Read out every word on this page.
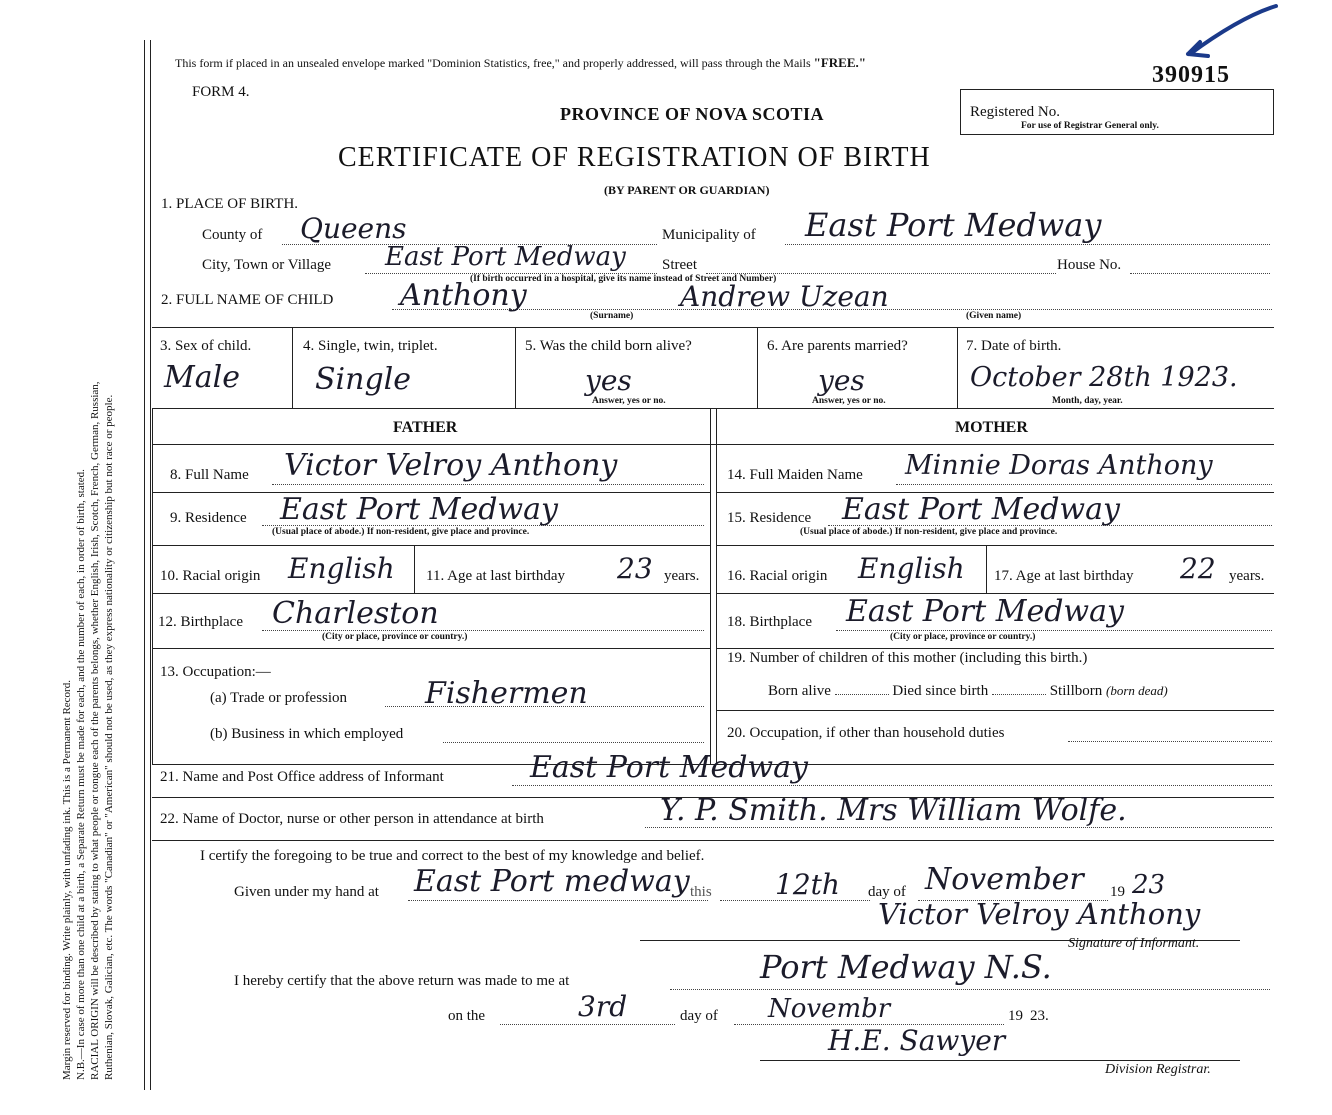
Margin reserved for binding. Write plainly, with unfading ink. This is a Permanent Record. N.B.—In case of more than one child at a birth, a Separate Return must be made for each, and the number of each, in order of birth, stated. RACIAL ORIGIN will be described by stating to what people or tongue each of the parents belongs, whether English, Irish, Scotch, French, German, Russian, Ruthenian, Slovak, Galician, etc. The words "Canadian" or "American" should not be used, as they express nationality or citizenship but not race or people.
This form if placed in an unsealed envelope marked "Dominion Statistics, free," and properly addressed, will pass through the Mails "FREE."
FORM 4.
PROVINCE OF NOVA SCOTIA
390915
Registered No.
For use of Registrar General only.
CERTIFICATE OF REGISTRATION OF BIRTH
(BY PARENT OR GUARDIAN)
1. PLACE OF BIRTH.
County of Queens	Municipality of East Port Medway
City, Town or Village East Port Medway Street	House No.
(If birth occurred in a hospital, give its name instead of Street and Number)
2. FULL NAME OF CHILD Anthony	Andrew Uzean
(Surname)	(Given name)
3. Sex of child.
Male
4. Single, twin, triplet.
Single
5. Was the child born alive?
yes
Answer, yes or no.
6. Are parents married?
yes
Answer, yes or no.
7. Date of birth.
October 28th 1923.
Month, day, year.
FATHER	MOTHER
8. Full Name Victor Velroy Anthony
9. Residence East Port Medway
(Usual place of abode.) If non-resident, give place and province.
10. Racial origin English 11. Age at last birthday 23 years.
12. Birthplace Charleston
(City or place, province or country.)
13. Occupation:—
(a) Trade or profession	Fishermen
(b) Business in which employed
14. Full Maiden Name Minnie Doras Anthony
15. Residence East Port Medway
(Usual place of abode.) If non-resident, give place and province.
16. Racial origin English 17. Age at last birthday 22 years.
18. Birthplace East Port Medway
(City or place, province or country.)
19. Number of children of this mother (including this birth.)
Born alive	Died since birth	Stillborn (born dead)
20. Occupation, if other than household duties
21. Name and Post Office address of Informant	East Port Medway
22. Name of Doctor, nurse or other person in attendance at birth	Y. P. Smith. Mrs William Wolfe.
I certify the foregoing to be true and correct to the best of my knowledge and belief.
Given under my hand at East Port medway this 12th day of November 19 23
Victor Velroy Anthony
Signature of Informant.
I hereby certify that the above return was made to me at	Port Medway N.S.
on the	3rd	day of Novembr	19 23.
H.E. Sawyer
Division Registrar.
